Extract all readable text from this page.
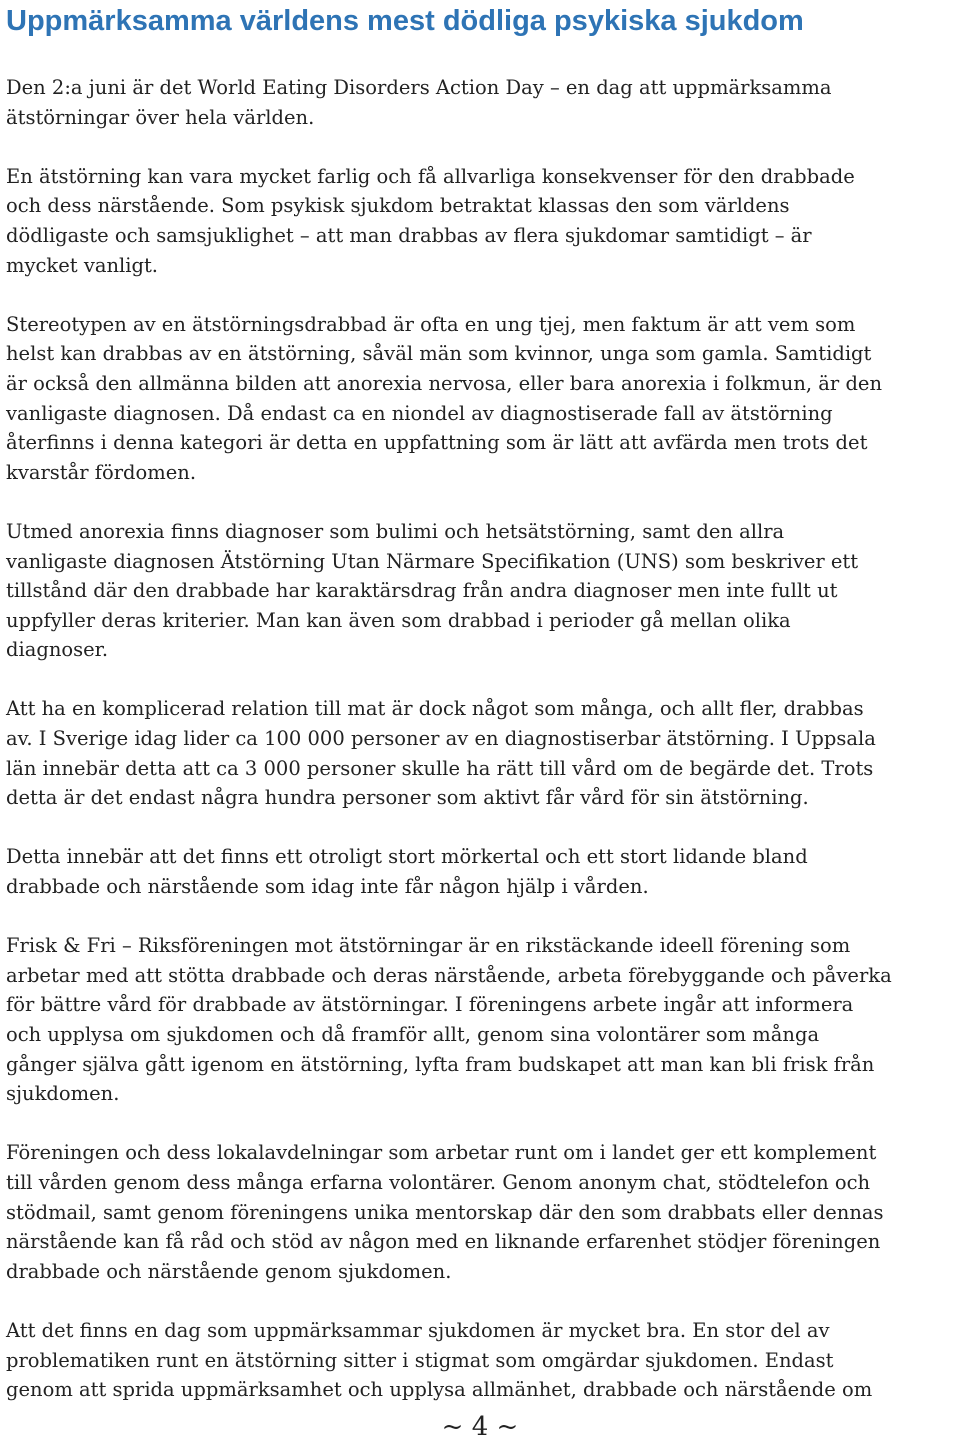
Uppmärksamma världens mest dödliga psykiska sjukdom

Den 2:a juni är det World Eating Disorders Action Day – en dag att uppmärksamma
ätstörningar över hela världen.

En ätstörning kan vara mycket farlig och få allvarliga konsekvenser för den drabbade
och dess närstående. Som psykisk sjukdom betraktat klassas den som världens
dödligaste och samsjuklighet – att man drabbas av flera sjukdomar samtidigt – är
mycket vanligt.

Stereotypen av en ätstörningsdrabbad är ofta en ung tjej, men faktum är att vem som
helst kan drabbas av en ätstörning, såväl män som kvinnor, unga som gamla. Samtidigt
är också den allmänna bilden att anorexia nervosa, eller bara anorexia i folkmun, är den
vanligaste diagnosen. Då endast ca en niondel av diagnostiserade fall av ätstörning
återfinns i denna kategori är detta en uppfattning som är lätt att avfärda men trots det
kvarstår fördomen.

Utmed anorexia finns diagnoser som bulimi och hetsätstörning, samt den allra
vanligaste diagnosen Ätstörning Utan Närmare Specifikation (UNS) som beskriver ett
tillstånd där den drabbade har karaktärsdrag från andra diagnoser men inte fullt ut
uppfyller deras kriterier. Man kan även som drabbad i perioder gå mellan olika
diagnoser.

Att ha en komplicerad relation till mat är dock något som många, och allt fler, drabbas
av. I Sverige idag lider ca 100 000 personer av en diagnostiserbar ätstörning. I Uppsala
län innebär detta att ca 3 000 personer skulle ha rätt till vård om de begärde det. Trots
detta är det endast några hundra personer som aktivt får vård för sin ätstörning.

Detta innebär att det finns ett otroligt stort mörkertal och ett stort lidande bland
drabbade och närstående som idag inte får någon hjälp i vården.

Frisk & Fri – Riksföreningen mot ätstörningar är en rikstäckande ideell förening som
arbetar med att stötta drabbade och deras närstående, arbeta förebyggande och påverka
för bättre vård för drabbade av ätstörningar. I föreningens arbete ingår att informera
och upplysa om sjukdomen och då framför allt, genom sina volontärer som många
gånger själva gått igenom en ätstörning, lyfta fram budskapet att man kan bli frisk från
sjukdomen.

Föreningen och dess lokalavdelningar som arbetar runt om i landet ger ett komplement
till vården genom dess många erfarna volontärer. Genom anonym chat, stödtelefon och
stödmail, samt genom föreningens unika mentorskap där den som drabbats eller dennas
närstående kan få råd och stöd av någon med en liknande erfarenhet stödjer föreningen
drabbade och närstående genom sjukdomen.

Att det finns en dag som uppmärksammar sjukdomen är mycket bra. En stor del av
problematiken runt en ätstörning sitter i stigmat som omgärdar sjukdomen. Endast
genom att sprida uppmärksamhet och upplysa allmänhet, drabbade och närstående om

~ 4 ~
